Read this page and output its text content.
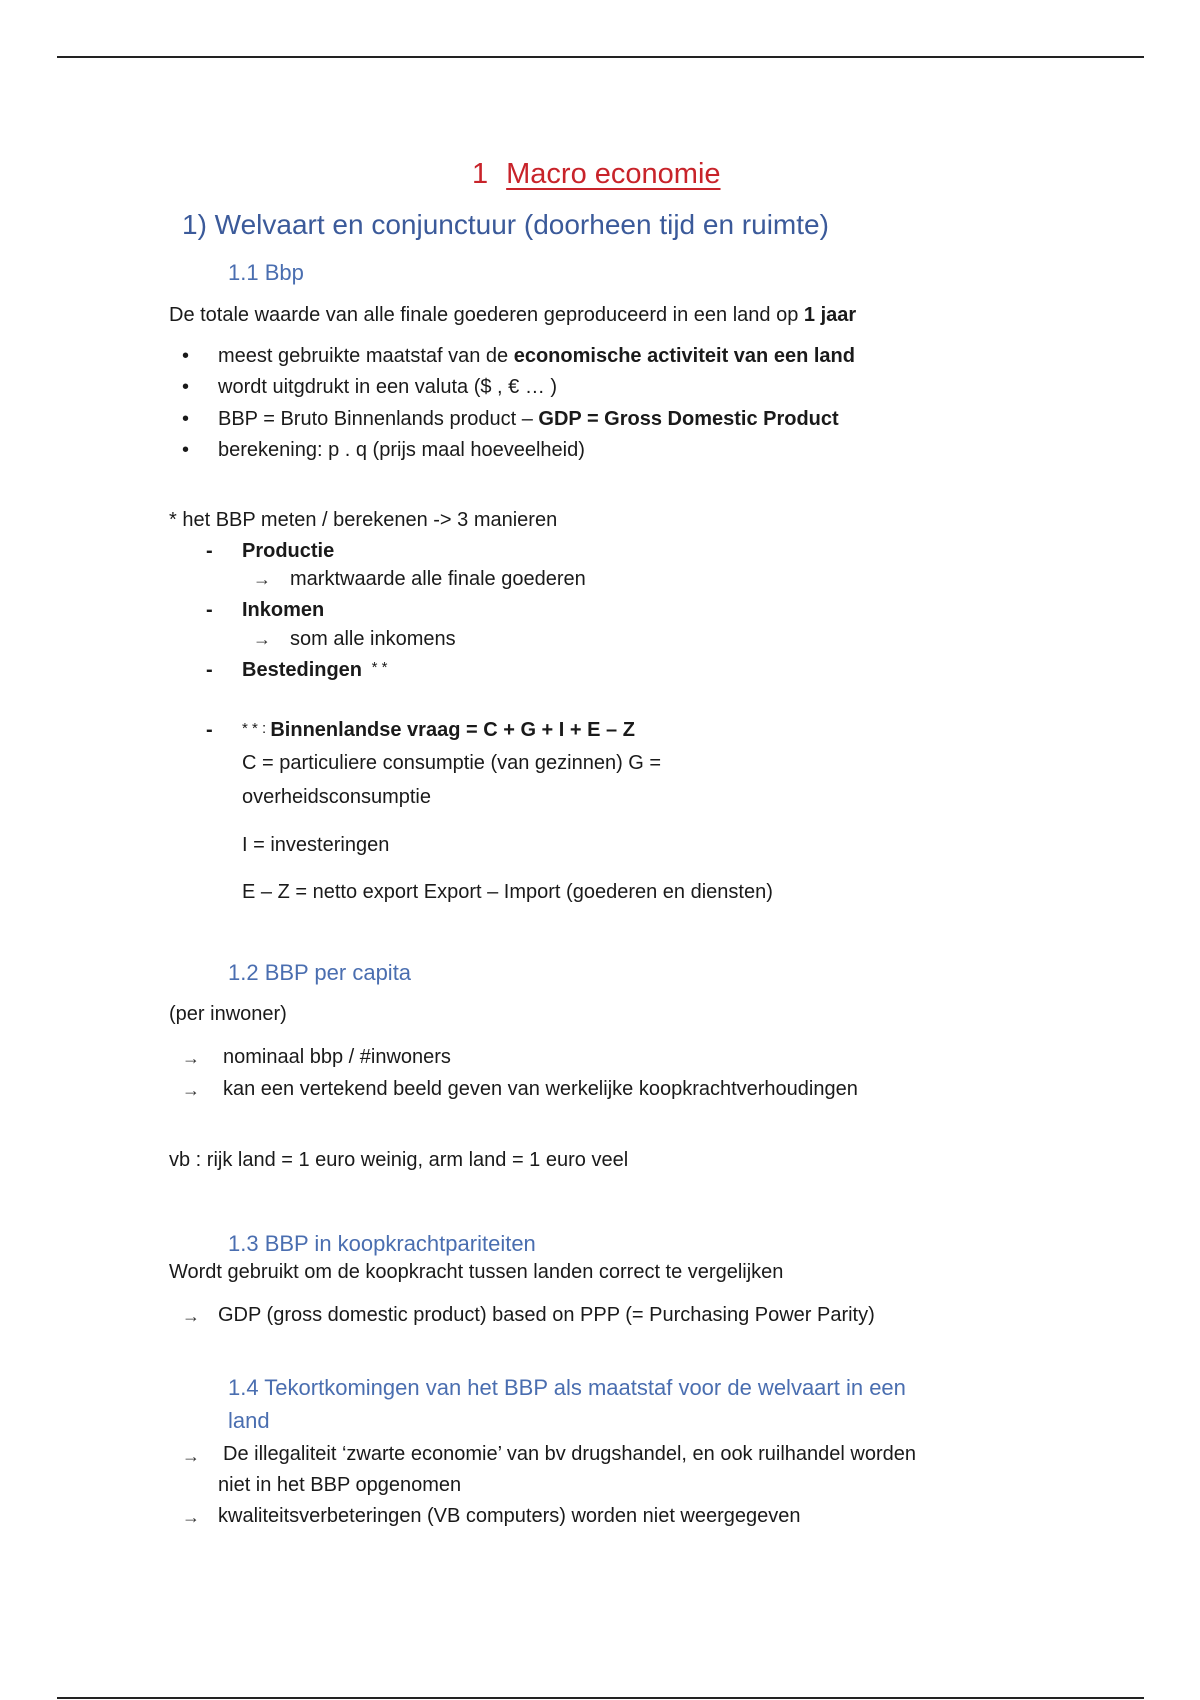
1 Macro economie
1) Welvaart en conjunctuur (doorheen tijd en ruimte)
1.1 Bbp
De totale waarde van alle finale goederen geproduceerd in een land op 1 jaar
• meest gebruikte maatstaf van de economische activiteit van een land
• wordt uitgdrukt in een valuta ($ , € … )
• BBP = Bruto Binnenlands product – GDP = Gross Domestic Product
• berekening: p . q (prijs maal hoeveelheid)
* het BBP meten / berekenen -> 3 manieren
- Productie
→ marktwaarde alle finale goederen
- Inkomen
→ som alle inkomens
- Bestedingen * *
- * * : Binnenlandse vraag = C + G + I + E – Z
C = particuliere consumptie (van gezinnen) G =
overheidsconsumptie
I = investeringen
E – Z = netto export Export – Import (goederen en diensten)
1.2 BBP per capita
(per inwoner)
→ nominaal bbp / #inwoners
→ kan een vertekend beeld geven van werkelijke koopkrachtverhoudingen
vb : rijk land = 1 euro weinig, arm land = 1 euro veel
1.3 BBP in koopkrachtpariteiten
Wordt gebruikt om de koopkracht tussen landen correct te vergelijken
→ GDP (gross domestic product) based on PPP (= Purchasing Power Parity)
1.4 Tekortkomingen van het BBP als maatstaf voor de welvaart in een
land
→ De illegaliteit ‘zwarte economie’ van bv drugshandel, en ook ruilhandel worden
niet in het BBP opgenomen
→ kwaliteitsverbeteringen (VB computers) worden niet weergegeven
